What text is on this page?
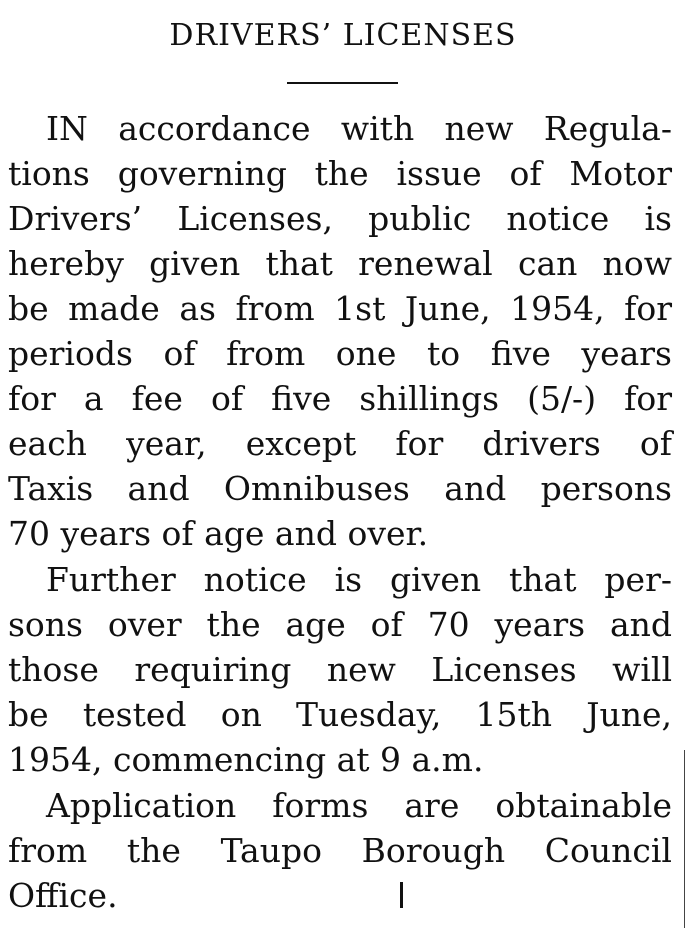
DRIVERS’ LICENSES
IN accordance with new Regula-
tions governing the issue of Motor
Drivers’ Licenses, public notice is
hereby given that renewal can now
be made as from 1st June, 1954, for
periods of from one to five years
for a fee of five shillings (5/-) for
each year, except for drivers of
Taxis and Omnibuses and persons
70 years of age and over.
Further notice is given that per-
sons over the age of 70 years and
those requiring new Licenses will
be tested on Tuesday, 15th June,
1954, commencing at 9 a.m.
Application forms are obtainable
from the Taupo Borough Council
Office.
